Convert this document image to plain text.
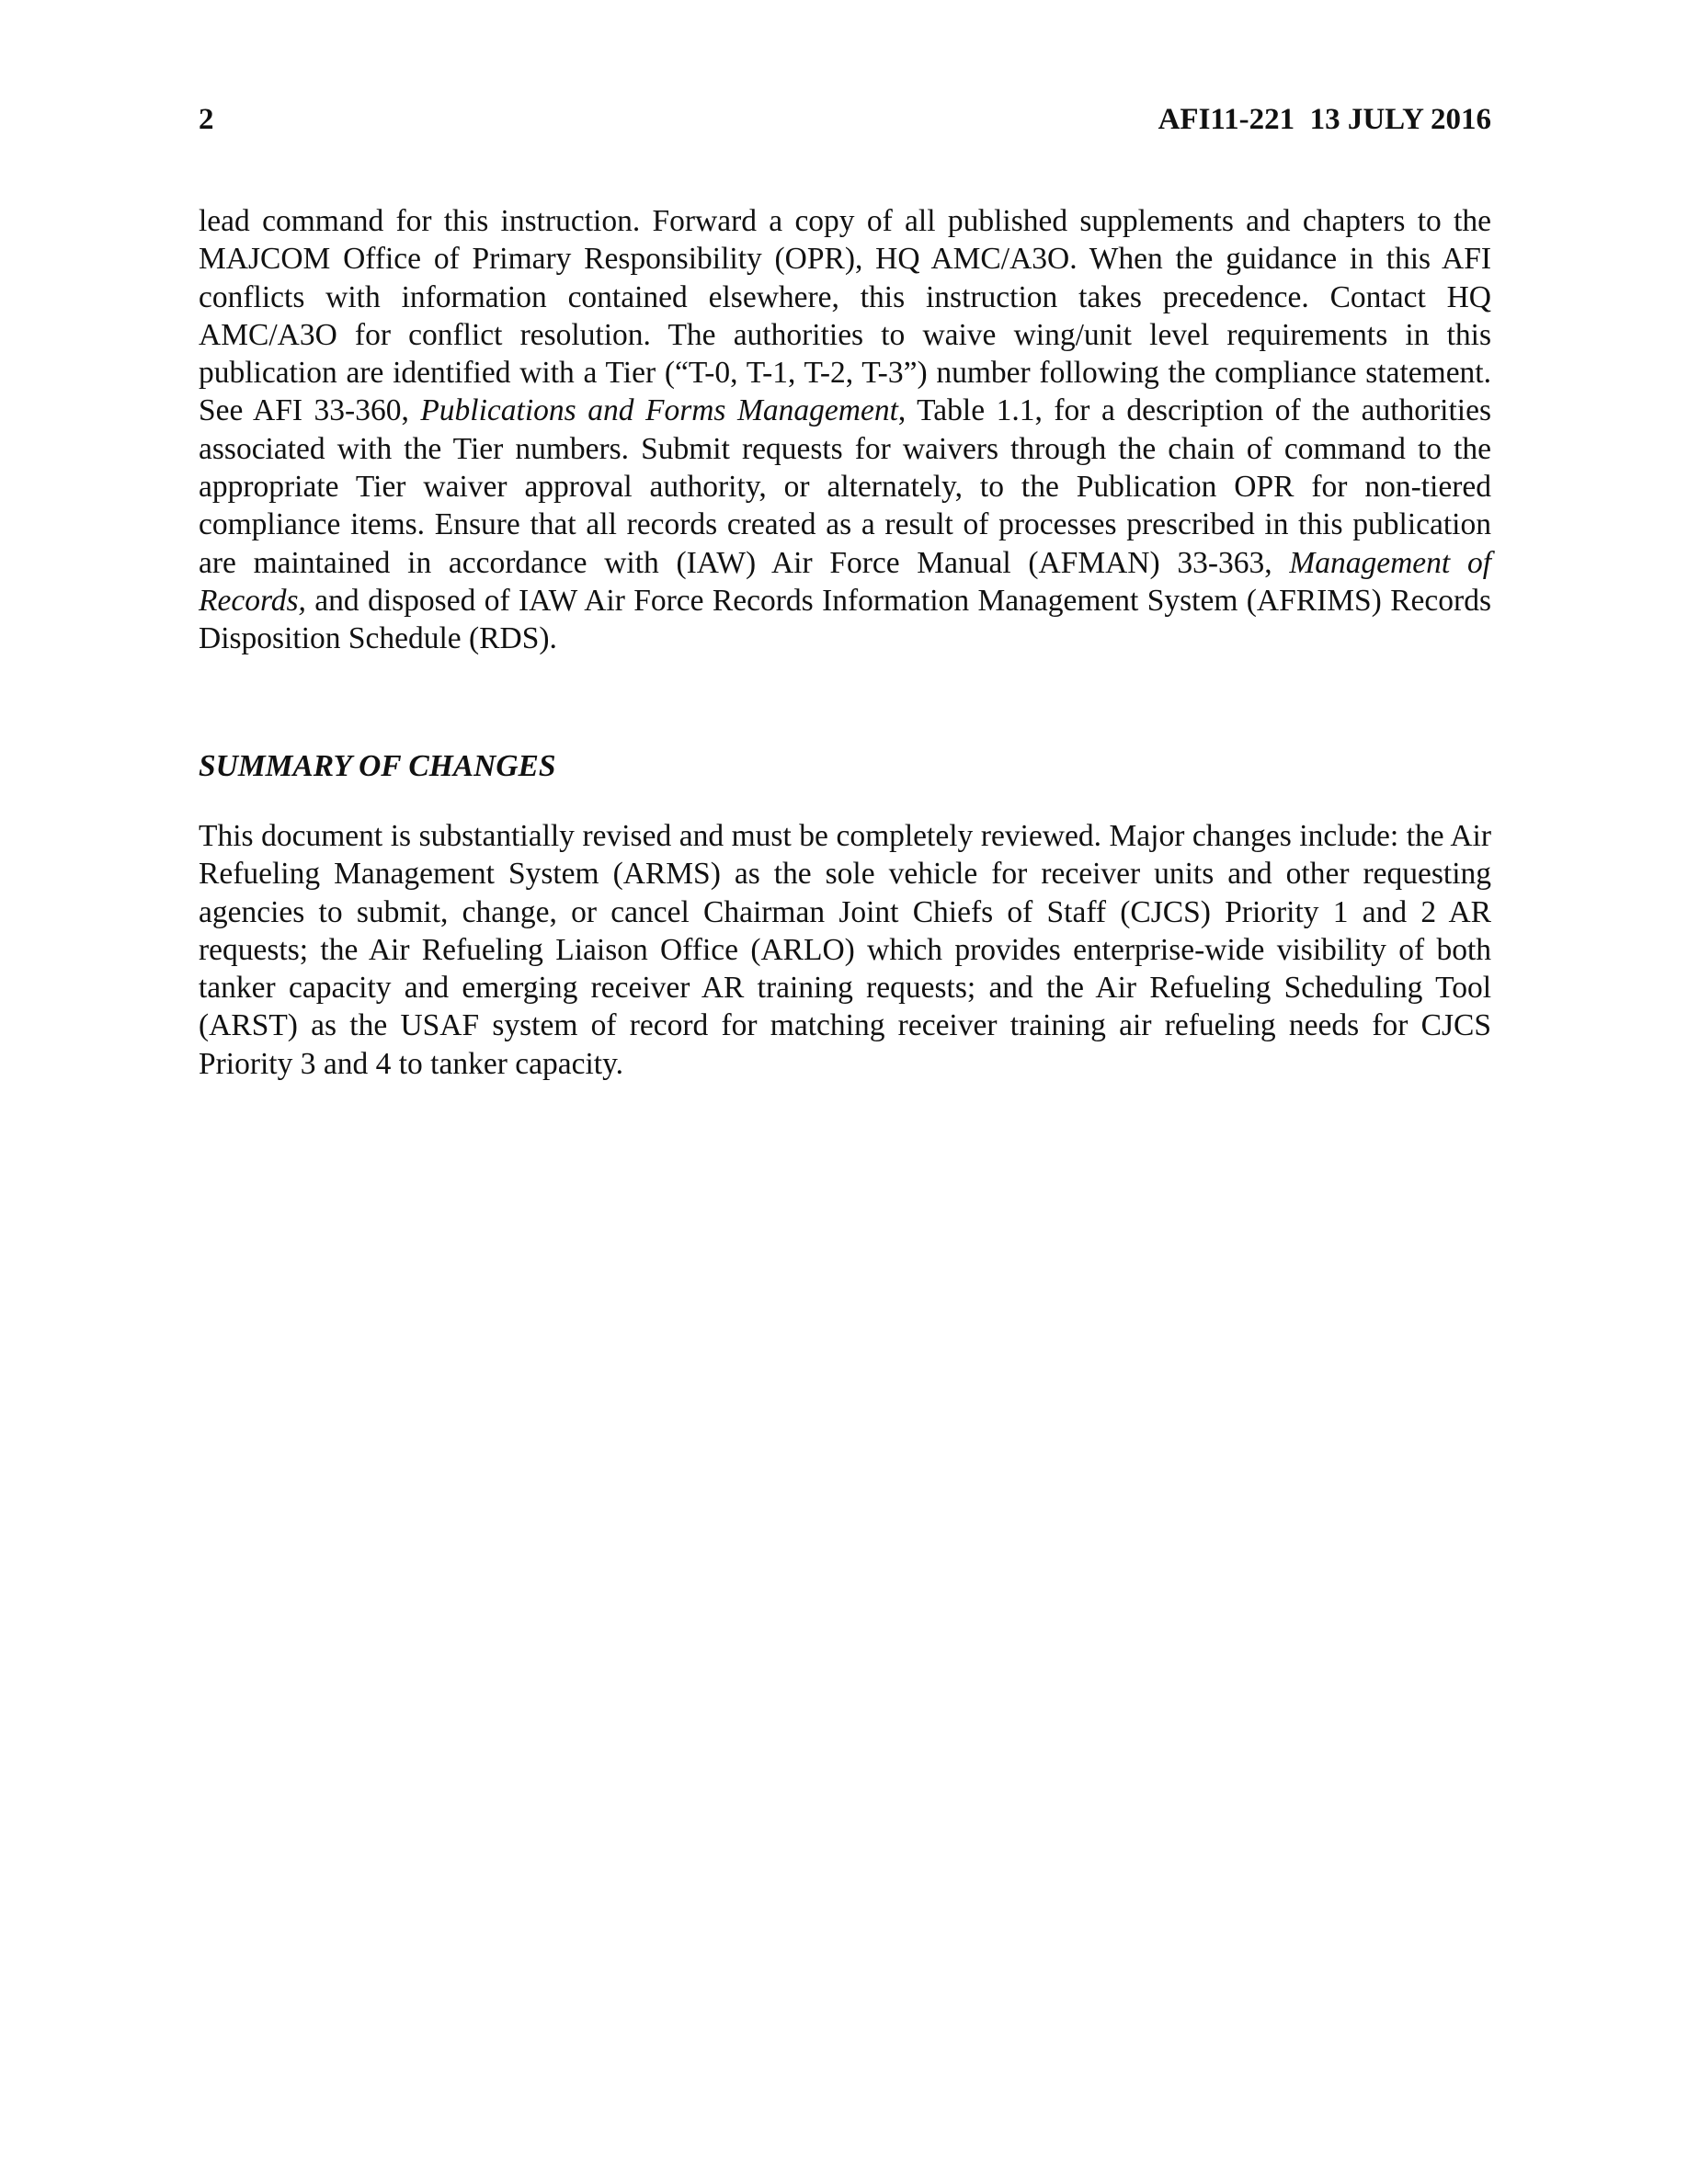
2	AFI11-221  13 JULY 2016

lead command for this instruction. Forward a copy of all published supplements and chapters to the MAJCOM Office of Primary Responsibility (OPR), HQ AMC/A3O. When the guidance in this AFI conflicts with information contained elsewhere, this instruction takes precedence. Contact HQ AMC/A3O for conflict resolution. The authorities to waive wing/unit level requirements in this publication are identified with a Tier (“T-0, T-1, T-2, T-3”) number following the compliance statement. See AFI 33-360, Publications and Forms Management, Table 1.1, for a description of the authorities associated with the Tier numbers. Submit requests for waivers through the chain of command to the appropriate Tier waiver approval authority, or alternately, to the Publication OPR for non-tiered compliance items. Ensure that all records created as a result of processes prescribed in this publication are maintained in accordance with (IAW) Air Force Manual (AFMAN) 33-363, Management of Records, and disposed of IAW Air Force Records Information Management System (AFRIMS) Records Disposition Schedule (RDS).

SUMMARY OF CHANGES

This document is substantially revised and must be completely reviewed. Major changes include: the Air Refueling Management System (ARMS) as the sole vehicle for receiver units and other requesting agencies to submit, change, or cancel Chairman Joint Chiefs of Staff (CJCS) Priority 1 and 2 AR requests; the Air Refueling Liaison Office (ARLO) which provides enterprise-wide visibility of both tanker capacity and emerging receiver AR training requests; and the Air Refueling Scheduling Tool (ARST) as the USAF system of record for matching receiver training air refueling needs for CJCS Priority 3 and 4 to tanker capacity.
